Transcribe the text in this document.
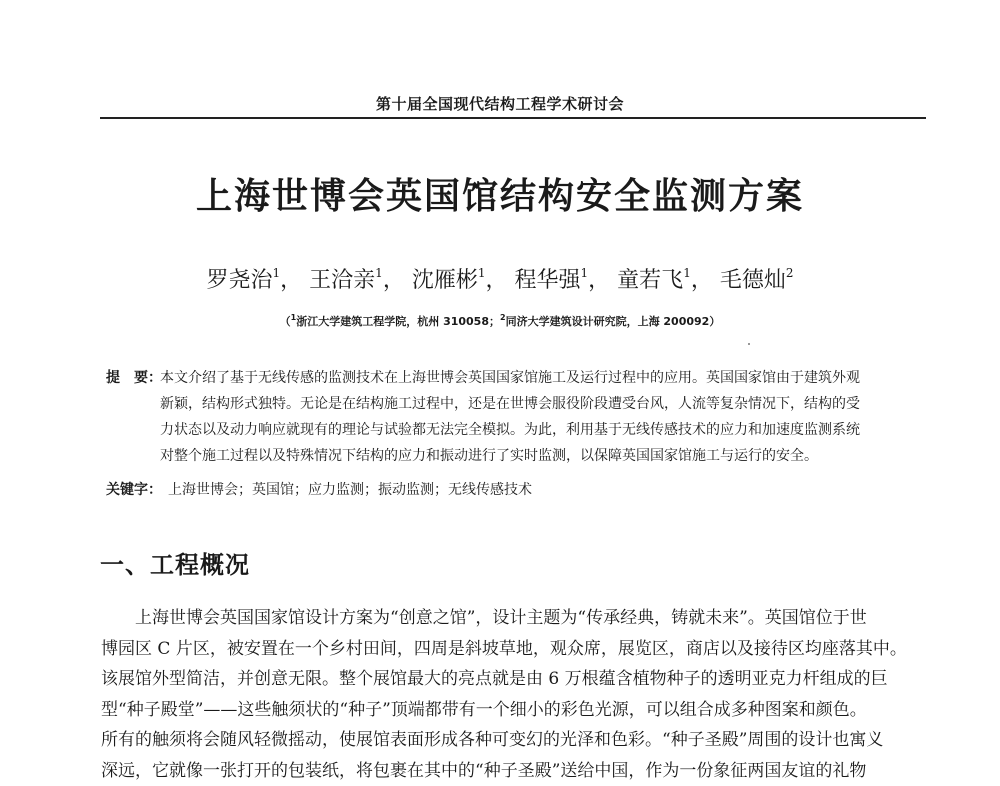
第十届全国现代结构工程学术研讨会
上海世博会英国馆结构安全监测方案
罗尧治$^1$， 王洽亲$^1$， 沈雁彬$^1$， 程华强$^1$， 童若飞$^1$， 毛德灿$^2$
（$^1$浙江大学建筑工程学院，杭州 310058；$^2$同济大学建筑设计研究院，上海 200092）
提　要：本文介绍了基于无线传感的监测技术在上海世博会英国国家馆施工及运行过程中的应用。英国国家馆由于建筑外观
新颖，结构形式独特。无论是在结构施工过程中，还是在世博会服役阶段遭受台风，人流等复杂情况下，结构的受
力状态以及动力响应就现有的理论与试验都无法完全模拟。为此，利用基于无线传感技术的应力和加速度监测系统
对整个施工过程以及特殊情况下结构的应力和振动进行了实时监测，以保障英国国家馆施工与运行的安全。
关键字： 上海世博会；英国馆；应力监测；振动监测；无线传感技术
一、工程概况
上海世博会英国国家馆设计方案为“创意之馆”，设计主题为“传承经典，铸就未来”。英国馆位于世
博园区 C 片区，被安置在一个乡村田间，四周是斜坡草地，观众席，展览区，商店以及接待区均座落其中。
该展馆外型简洁，并创意无限。整个展馆最大的亮点就是由 6 万根蕴含植物种子的透明亚克力杆组成的巨
型“种子殿堂”——这些触须状的“种子”顶端都带有一个细小的彩色光源，可以组合成多种图案和颜色。
所有的触须将会随风轻微摇动，使展馆表面形成各种可变幻的光泽和色彩。“种子圣殿”周围的设计也寓义
深远，它就像一张打开的包装纸，将包裹在其中的“种子圣殿”送给中国，作为一份象征两国友谊的礼物
